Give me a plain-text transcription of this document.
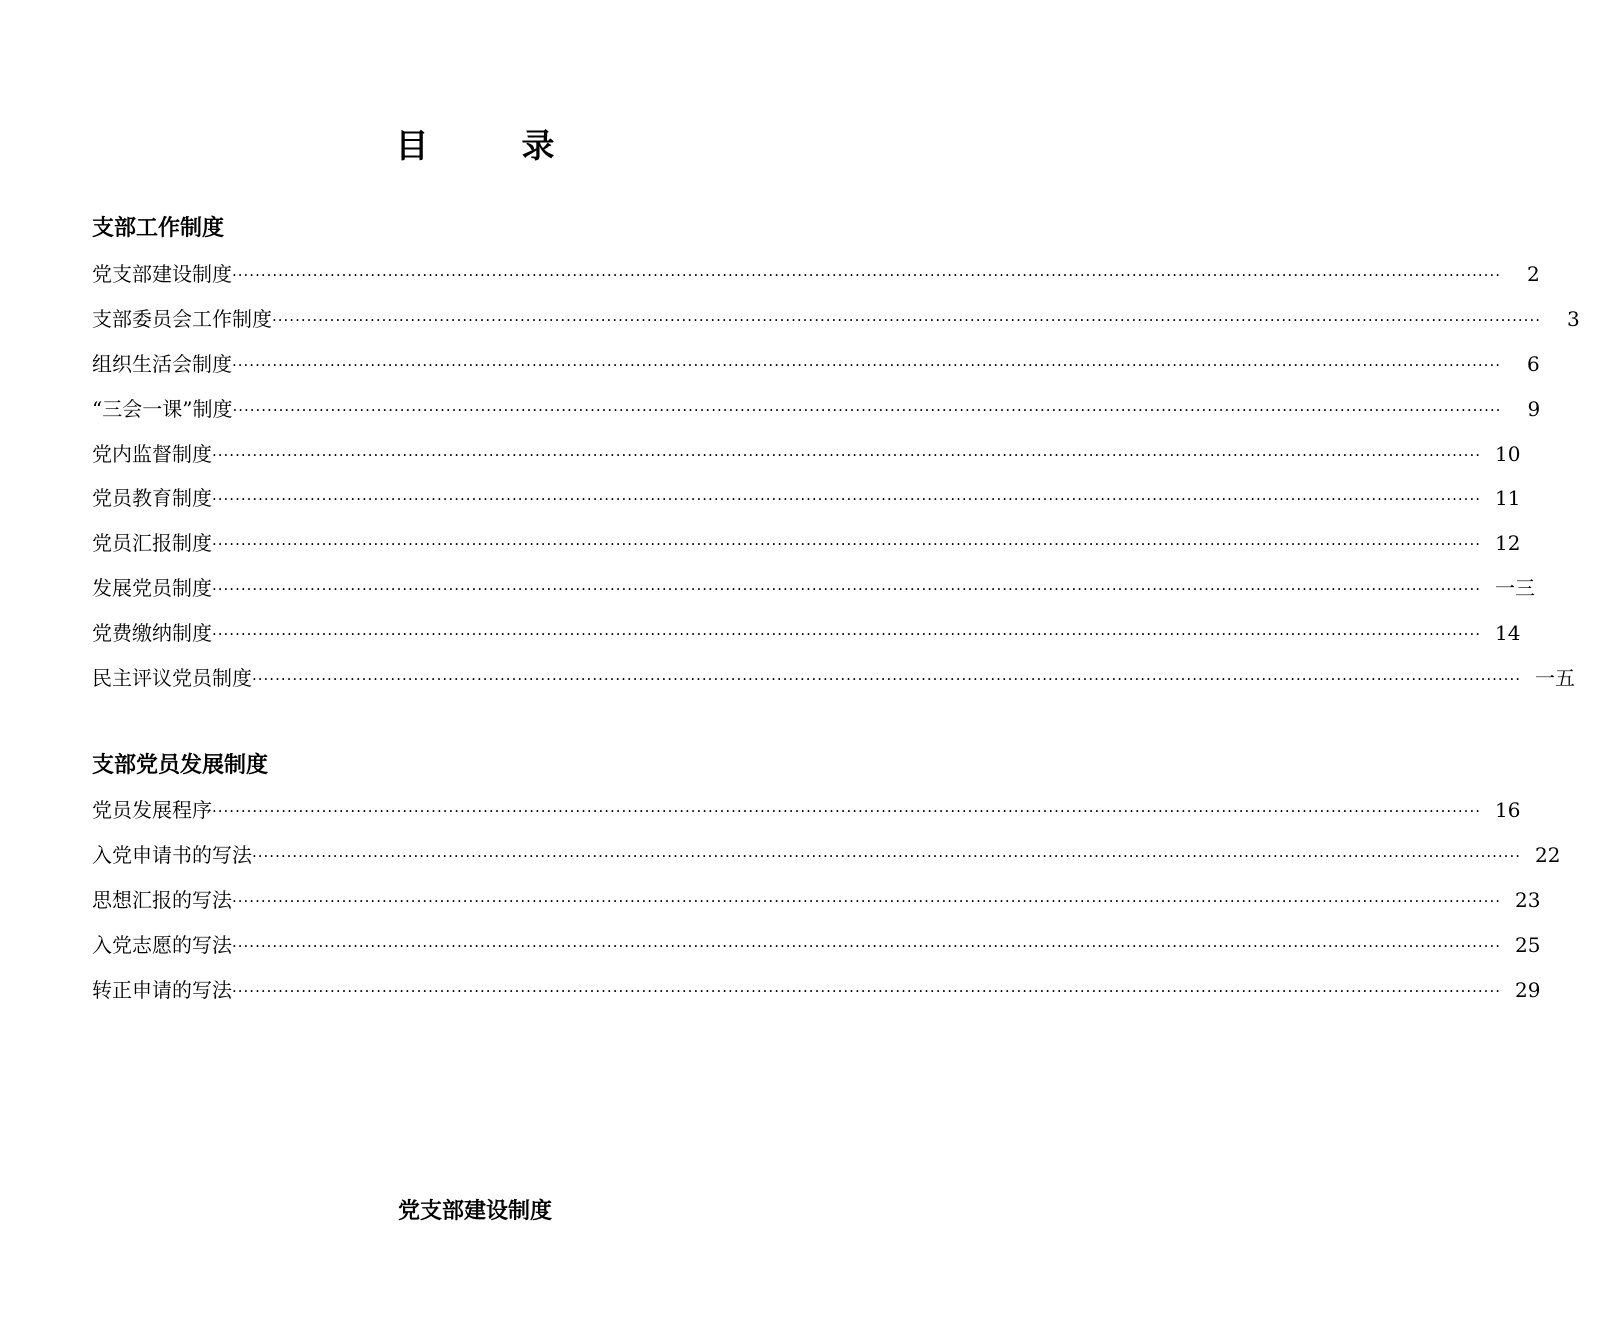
目　录
支部工作制度
党支部建设制度 ····························································································································································································································	2
支部委员会工作制度 ····························································································································································································································	3
组织生活会制度 ····························································································································································································································	6
“三会一课”制度 ····························································································································································································································	9
党内监督制度 ···························································································································································································································· 10
党员教育制度 ···························································································································································································································· 11
党员汇报制度 ···························································································································································································································· 12
发展党员制度 ···························································································································································································································· 一三
党费缴纳制度 ···························································································································································································································· 14
民主评议党员制度 ···························································································································································································································· 一五
支部党员发展制度
党员发展程序 ···························································································································································································································· 16
入党申请书的写法 ···························································································································································································································· 22
思想汇报的写法 ···························································································································································································································· 23
入党志愿的写法 ···························································································································································································································· 25
转正申请的写法 ···························································································································································································································· 29
党支部建设制度
